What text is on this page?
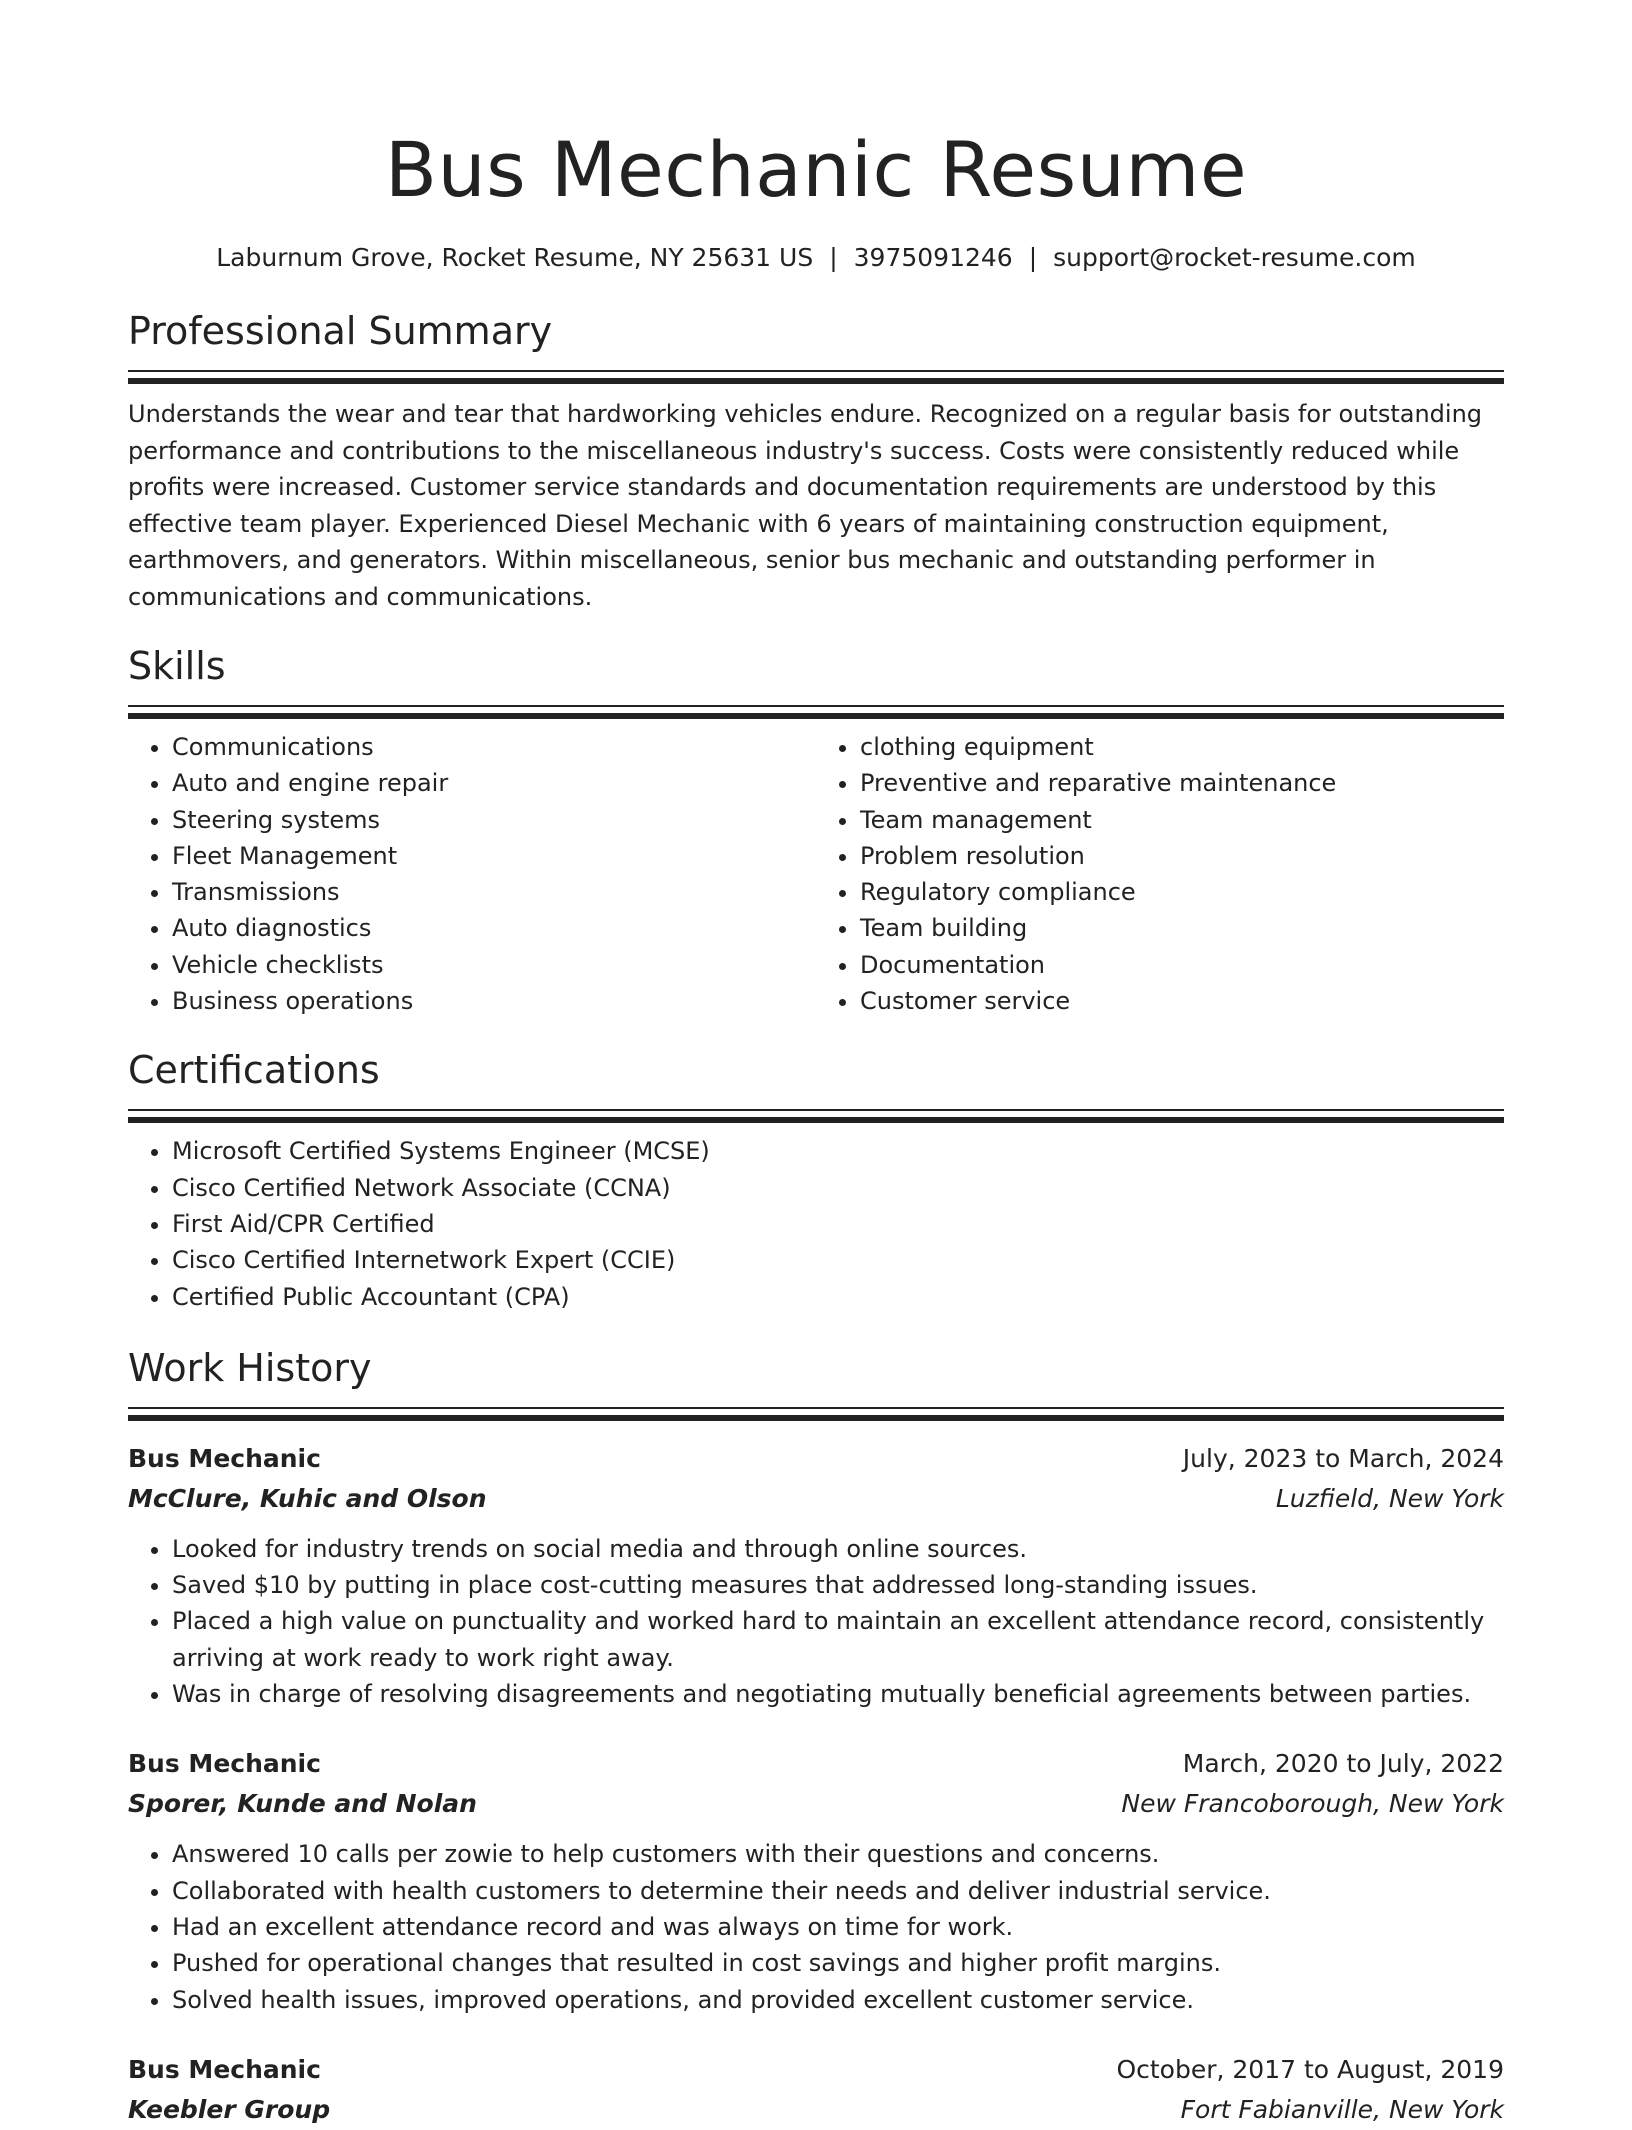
Bus Mechanic Resume
Laburnum Grove, Rocket Resume, NY 25631 US | 3975091246 | support@rocket-resume.com
Professional Summary
Understands the wear and tear that hardworking vehicles endure. Recognized on a regular basis for outstanding performance and contributions to the miscellaneous industry's success. Costs were consistently reduced while profits were increased. Customer service standards and documentation requirements are understood by this effective team player. Experienced Diesel Mechanic with 6 years of maintaining construction equipment, earthmovers, and generators. Within miscellaneous, senior bus mechanic and outstanding performer in communications and communications.
Skills
• Communications
• Auto and engine repair
• Steering systems
• Fleet Management
• Transmissions
• Auto diagnostics
• Vehicle checklists
• Business operations
• clothing equipment
• Preventive and reparative maintenance
• Team management
• Problem resolution
• Regulatory compliance
• Team building
• Documentation
• Customer service
Certifications
• Microsoft Certified Systems Engineer (MCSE)
• Cisco Certified Network Associate (CCNA)
• First Aid/CPR Certified
• Cisco Certified Internetwork Expert (CCIE)
• Certified Public Accountant (CPA)
Work History
Bus Mechanic	July, 2023 to March, 2024
McClure, Kuhic and Olson	Luzfield, New York
• Looked for industry trends on social media and through online sources.
• Saved $10 by putting in place cost-cutting measures that addressed long-standing issues.
• Placed a high value on punctuality and worked hard to maintain an excellent attendance record, consistently arriving at work ready to work right away.
• Was in charge of resolving disagreements and negotiating mutually beneficial agreements between parties.
Bus Mechanic	March, 2020 to July, 2022
Sporer, Kunde and Nolan	New Francoborough, New York
• Answered 10 calls per zowie to help customers with their questions and concerns.
• Collaborated with health customers to determine their needs and deliver industrial service.
• Had an excellent attendance record and was always on time for work.
• Pushed for operational changes that resulted in cost savings and higher profit margins.
• Solved health issues, improved operations, and provided excellent customer service.
Bus Mechanic	October, 2017 to August, 2019
Keebler Group	Fort Fabianville, New York
